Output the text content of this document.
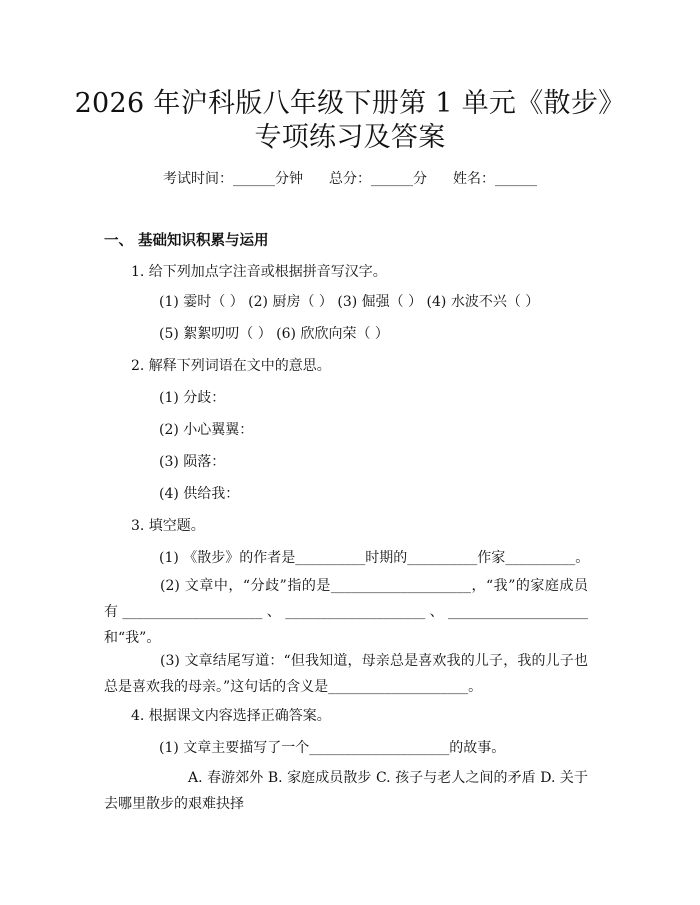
2026 年沪科版八年级下册第 1 单元《散步》
专项练习及答案
考试时间：______分钟 总分：______分 姓名：______
一、 基础知识积累与运用
1. 给下列加点字注音或根据拼音写汉字。
(1) 霎时（ ） (2) 厨房（ ） (3) 倔强（ ） (4) 水波不兴（ ）
(5) 絮絮叨叨（ ） (6) 欣欣向荣（ ）
2. 解释下列词语在文中的意思。
(1) 分歧：
(2) 小心翼翼：
(3) 陨落：
(4) 供给我：
3. 填空题。
(1) 《散步》的作者是__________时期的__________作家__________。
(2) 文章中，“分歧”指的是____________________，“我”的家庭成员有____________________、____________________、____________________和“我”。
(3) 文章结尾写道：“但我知道，母亲总是喜欢我的儿子，我的儿子也总是喜欢我的母亲。”这句话的含义是____________________。
4. 根据课文内容选择正确答案。
(1) 文章主要描写了一个____________________的故事。
A. 春游郊外 B. 家庭成员散步 C. 孩子与老人之间的矛盾 D. 关于去哪里散步的艰难抉择
